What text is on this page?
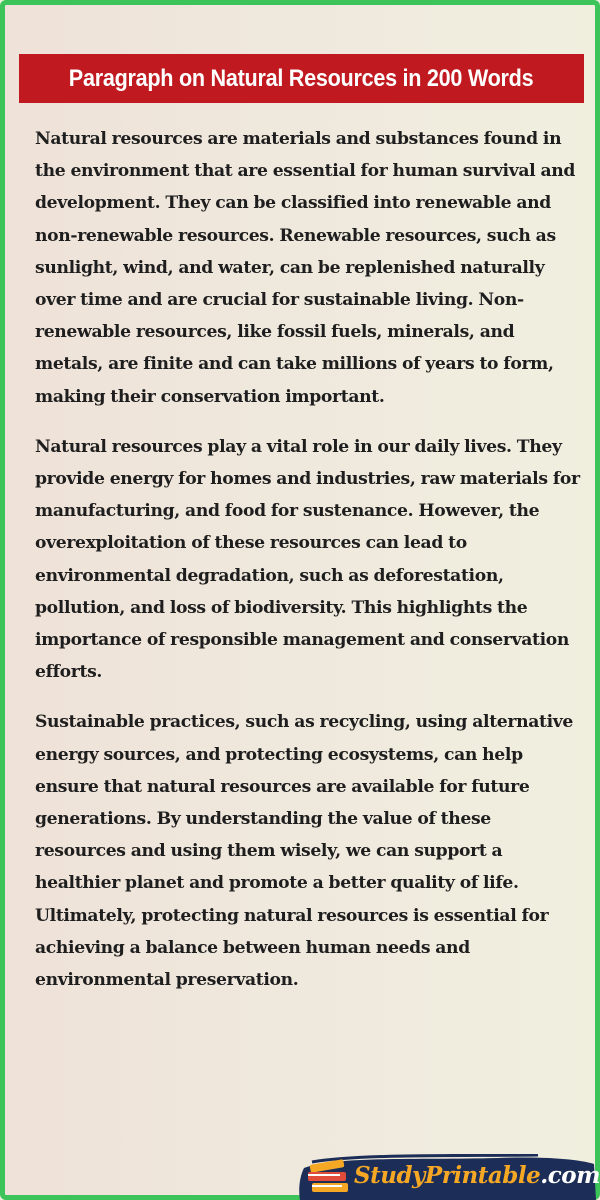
Paragraph on Natural Resources in 200 Words

Natural resources are materials and substances found in the environment that are essential for human survival and development. They can be classified into renewable and non-renewable resources. Renewable resources, such as sunlight, wind, and water, can be replenished naturally over time and are crucial for sustainable living. Non-renewable resources, like fossil fuels, minerals, and metals, are finite and can take millions of years to form, making their conservation important.

Natural resources play a vital role in our daily lives. They provide energy for homes and industries, raw materials for manufacturing, and food for sustenance. However, the overexploitation of these resources can lead to environmental degradation, such as deforestation, pollution, and loss of biodiversity. This highlights the importance of responsible management and conservation efforts.

Sustainable practices, such as recycling, using alternative energy sources, and protecting ecosystems, can help ensure that natural resources are available for future generations. By understanding the value of these resources and using them wisely, we can support a healthier planet and promote a better quality of life. Ultimately, protecting natural resources is essential for achieving a balance between human needs and environmental preservation.

StudyPrintable.com
